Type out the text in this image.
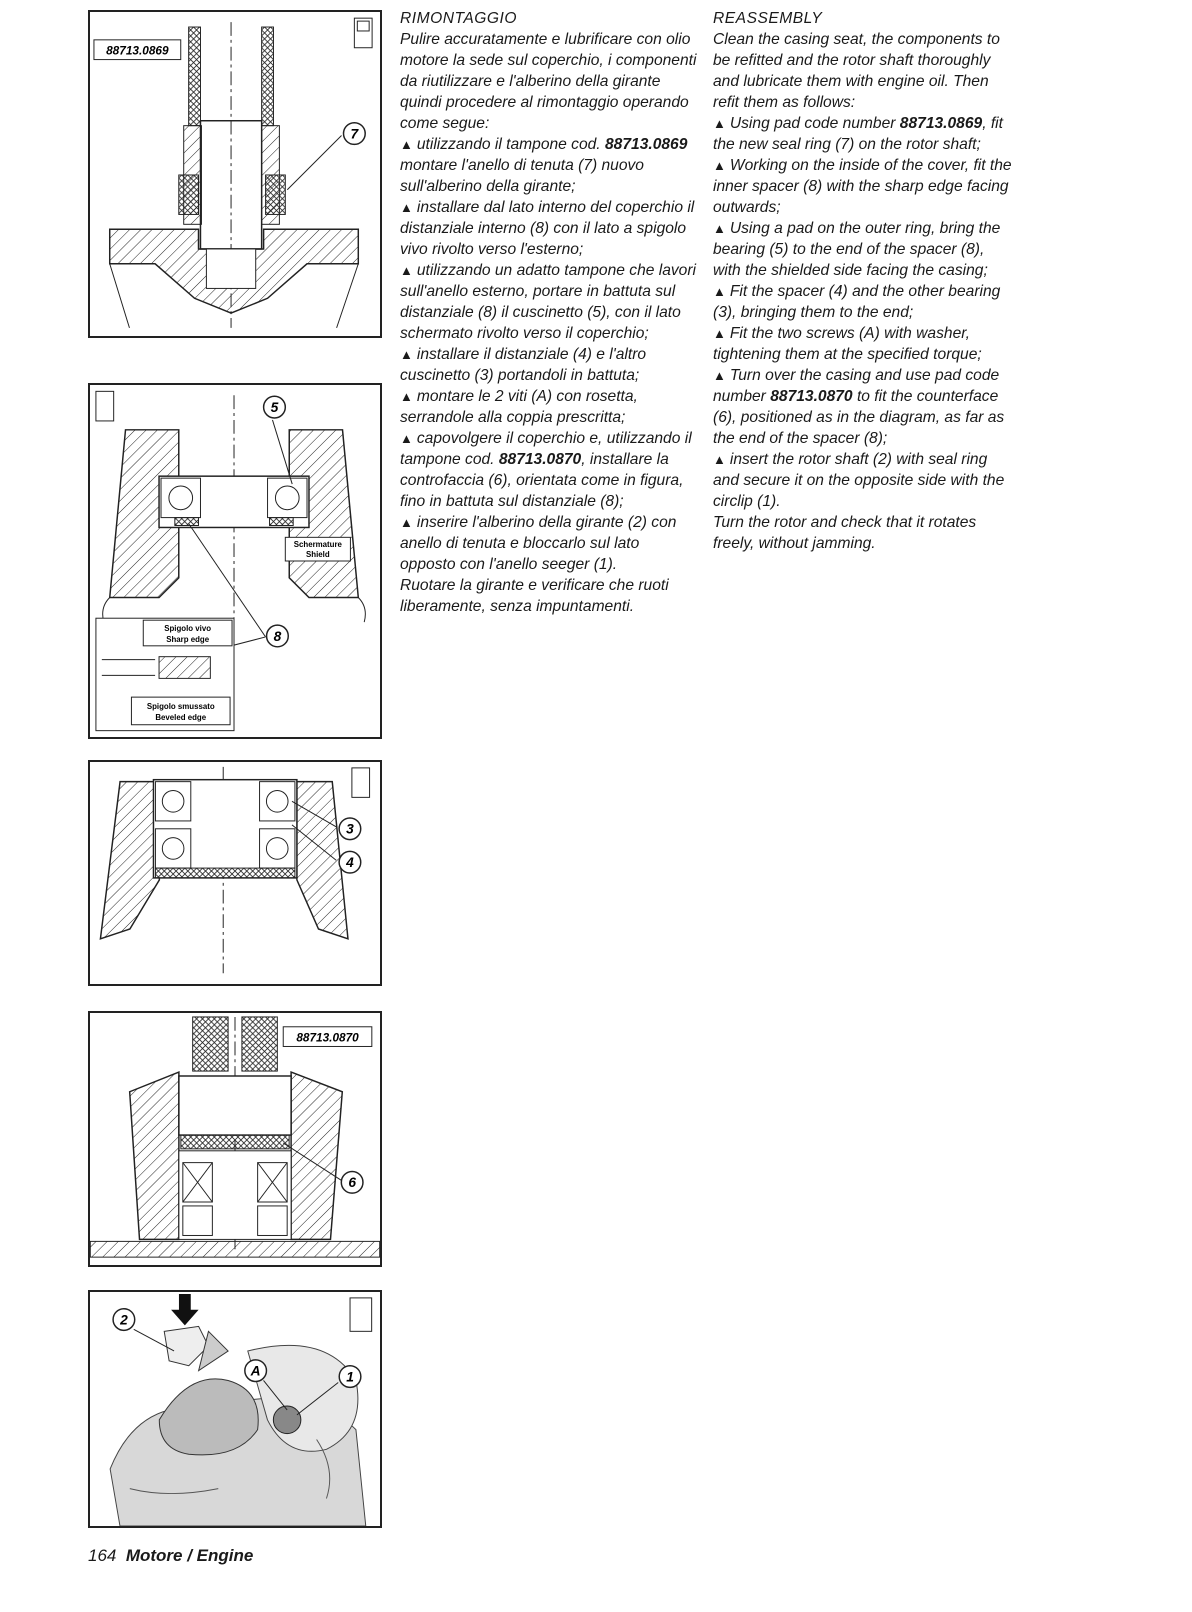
88713.0869
7
5
Schermature
Shield
8
Spigolo vivo
Sharp edge
Spigolo smussato
Beveled edge
3
4
88713.0870
6
2
A	1

RIMONTAGGIO

Pulire accuratamente e lubrificare con olio motore la sede sul coperchio, i componenti da riutilizzare e l'alberino della girante quindi procedere al rimontaggio operando come segue:

▲ utilizzando il tampone cod. 88713.0869 montare l'anello di tenuta (7) nuovo sull'alberino della girante;

▲ installare dal lato interno del coperchio il distanziale interno (8) con il lato a spigolo vivo rivolto verso l'esterno;

▲ utilizzando un adatto tampone che lavori sull'anello esterno, portare in battuta sul distanziale (8) il cuscinetto (5), con il lato schermato rivolto verso il coperchio;

▲ installare il distanziale (4) e l'altro cuscinetto (3) portandoli in battuta;

▲ montare le 2 viti (A) con rosetta, serrandole alla coppia prescritta;

▲ capovolgere il coperchio e, utilizzando il tampone cod. 88713.0870, installare la controfaccia (6), orientata come in figura, fino in battuta sul distanziale (8);

▲ inserire l'alberino della girante (2) con anello di tenuta e bloccarlo sul lato opposto con l'anello seeger (1).

Ruotare la girante e verificare che ruoti liberamente, senza impuntamenti.

REASSEMBLY

Clean the casing seat, the components to be refitted and the rotor shaft thoroughly and lubricate them with engine oil. Then refit them as follows:

▲ Using pad code number 88713.0869, fit the new seal ring (7) on the rotor shaft;

▲ Working on the inside of the cover, fit the inner spacer (8) with the sharp edge facing outwards;

▲ Using a pad on the outer ring, bring the bearing (5) to the end of the spacer (8), with the shielded side facing the casing;

▲ Fit the spacer (4) and the other bearing (3), bringing them to the end;

▲ Fit the two screws (A) with washer, tightening them at the specified torque;

▲ Turn over the casing and use pad code number 88713.0870 to fit the counterface (6), positioned as in the diagram, as far as the end of the spacer (8);

▲ insert the rotor shaft (2) with seal ring and secure it on the opposite side with the circlip (1).

Turn the rotor and check that it rotates freely, without jamming.

164 Motore / Engine
